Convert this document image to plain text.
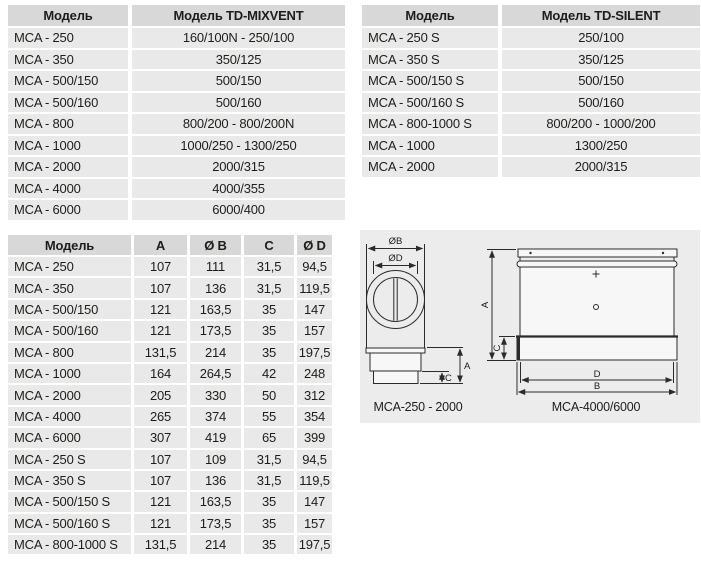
Модель	Модель TD-MIXVENT
MCA - 250	160/100N - 250/100
MCA - 350	350/125
MCA - 500/150	500/150
MCA - 500/160	500/160
MCA - 800	800/200 - 800/200N
MCA - 1000	1000/250 - 1300/250
MCA - 2000	2000/315
MCA - 4000	4000/355
MCA - 6000	6000/400
Модель	Модель TD-SILENT
MCA - 250 S	250/100
MCA - 350 S	350/125
MCA - 500/150 S	500/150
MCA - 500/160 S	500/160
MCA - 800-1000 S	800/200 - 1000/200
MCA - 1000	1300/250
MCA - 2000	2000/315
Модель	A	Ø B	C	Ø D
MCA - 250	107	111	31,5	94,5
MCA - 350	107	136	31,5	119,5
MCA - 500/150	121	163,5	35	147
MCA - 500/160	121	173,5	35	157
MCA - 800	131,5	214	35	197,5
MCA - 1000	164	264,5	42	248
MCA - 2000	205	330	50	312
MCA - 4000	265	374	55	354
MCA - 6000	307	419	65	399
MCA - 250 S	107	109	31,5	94,5
MCA - 350 S	107	136	31,5	119,5
MCA - 500/150 S	121	163,5	35	147
MCA - 500/160 S	121	173,5	35	157
MCA - 800-1000 S	131,5	214	35	197,5
ØB
ØD
A
C
MCA-250 - 2000
A
C
D
B
MCA-4000/6000
